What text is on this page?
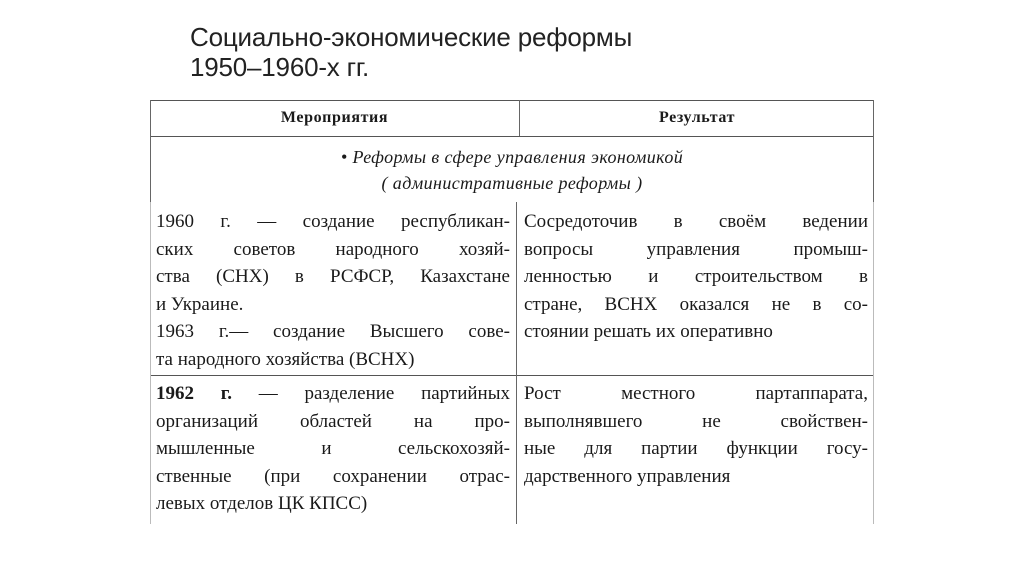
Социально-экономические реформы
1950–1960-х гг.
Мероприятия	Результат
• Реформы в сфере управления экономикой
( административные реформы )
1960 г. — создание республикан-
ских советов народного хозяй-
ства (СНХ) в РСФСР, Казахстане
и Украине.
1963 г.— создание Высшего сове-
та народного хозяйства (ВСНХ)
Сосредоточив в своём ведении
вопросы управления промыш-
ленностью и строительством в
стране, ВСНХ оказался не в со-
стоянии решать их оперативно
1962 г. — разделение партийных
организаций областей на про-
мышленные и сельскохозяй-
ственные (при сохранении отрас-
левых отделов ЦК КПСС)
Рост местного партаппарата,
выполнявшего не свойствен-
ные для партии функции госу-
дарственного управления
